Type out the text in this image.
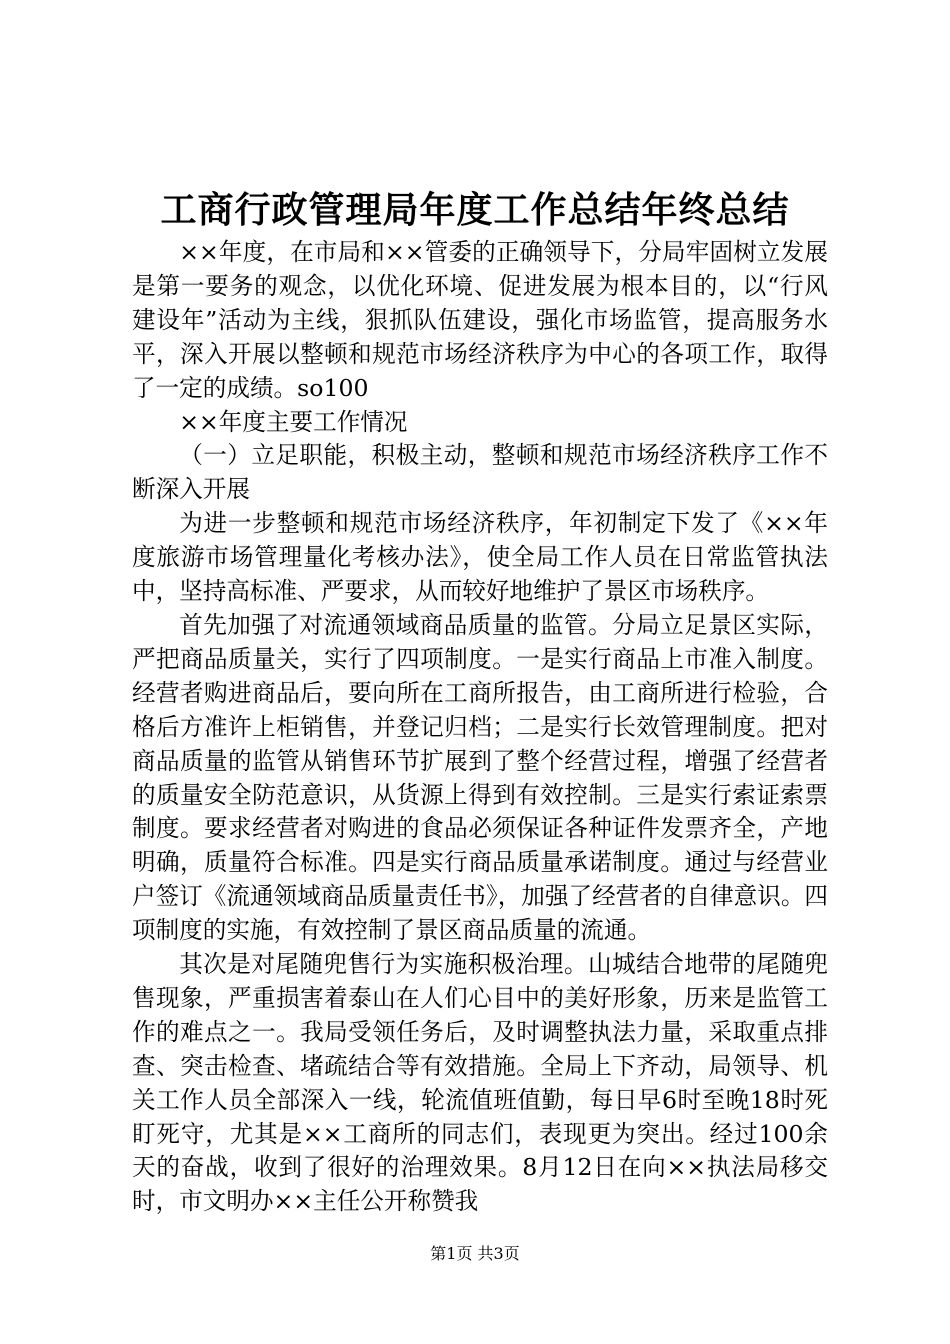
工商行政管理局年度工作总结年终总结

××年度，在市局和××管委的正确领导下，分局牢固树立发展是第一要务的观念，以优化环境、促进发展为根本目的，以“行风建设年”活动为主线，狠抓队伍建设，强化市场监管，提高服务水平，深入开展以整顿和规范市场经济秩序为中心的各项工作，取得了一定的成绩。so100

××年度主要工作情况

（一）立足职能，积极主动，整顿和规范市场经济秩序工作不断深入开展

为进一步整顿和规范市场经济秩序，年初制定下发了《××年度旅游市场管理量化考核办法》，使全局工作人员在日常监管执法中，坚持高标准、严要求，从而较好地维护了景区市场秩序。

首先加强了对流通领域商品质量的监管。分局立足景区实际，严把商品质量关，实行了四项制度。一是实行商品上市准入制度。经营者购进商品后，要向所在工商所报告，由工商所进行检验，合格后方准许上柜销售，并登记归档；二是实行长效管理制度。把对商品质量的监管从销售环节扩展到了整个经营过程，增强了经营者的质量安全防范意识，从货源上得到有效控制。三是实行索证索票制度。要求经营者对购进的食品必须保证各种证件发票齐全，产地明确，质量符合标准。四是实行商品质量承诺制度。通过与经营业户签订《流通领域商品质量责任书》，加强了经营者的自律意识。四项制度的实施，有效控制了景区商品质量的流通。

其次是对尾随兜售行为实施积极治理。山城结合地带的尾随兜售现象，严重损害着泰山在人们心目中的美好形象，历来是监管工作的难点之一。我局受领任务后，及时调整执法力量，采取重点排查、突击检查、堵疏结合等有效措施。全局上下齐动，局领导、机关工作人员全部深入一线，轮流值班值勤，每日早6时至晚18时死盯死守，尤其是××工商所的同志们，表现更为突出。经过100余天的奋战，收到了很好的治理效果。8月12日在向××执法局移交时，市文明办××主任公开称赞我

第1页 共3页
